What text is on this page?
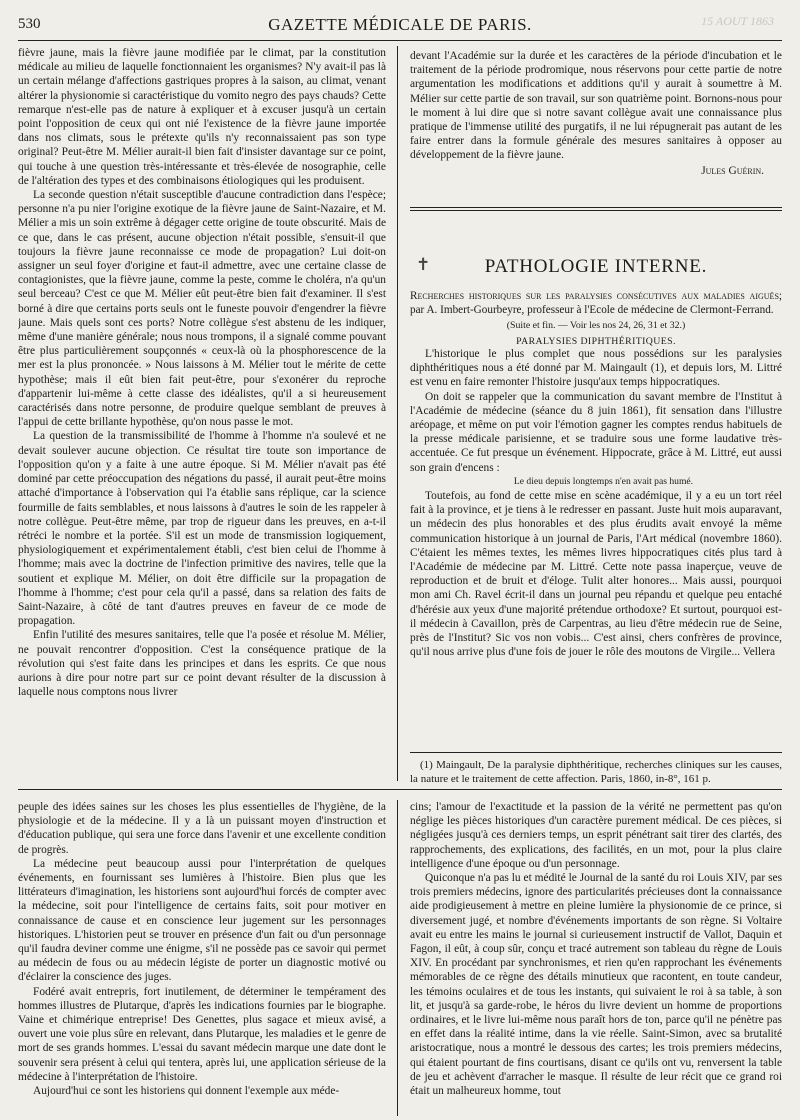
530	GAZETTE MÉDICALE DE PARIS.	15 AOUT 1863

fièvre jaune, mais la fièvre jaune modifiée par le climat, par la constitution médicale au milieu de laquelle fonctionnaient les organismes? N'y avait-il pas là un certain mélange d'affections gastriques propres à la saison, au climat, venant altérer la physionomie si caractéristique du vomito negro des pays chauds? Cette remarque n'est-elle pas de nature à expliquer et à excuser jusqu'à un certain point l'opposition de ceux qui ont nié l'existence de la fièvre jaune importée dans nos climats, sous le prétexte qu'ils n'y reconnaissaient pas son type original? Peut-être M. Mélier aurait-il bien fait d'insister davantage sur ce point, qui touche à une question très-intéressante et très-élevée de nosographie, celle de l'altération des types et des combinaisons étiologiques qui les produisent.

La seconde question n'était susceptible d'aucune contradiction dans l'espèce; personne n'a pu nier l'origine exotique de la fièvre jaune de Saint-Nazaire, et M. Mélier a mis un soin extrême à dégager cette origine de toute obscurité. Mais de ce que, dans le cas présent, aucune objection n'était possible, s'ensuit-il que toujours la fièvre jaune reconnaisse ce mode de propagation? Lui doit-on assigner un seul foyer d'origine et faut-il admettre, avec une certaine classe de contagionistes, que la fièvre jaune, comme la peste, comme le choléra, n'a qu'un seul berceau? C'est ce que M. Mélier eût peut-être bien fait d'examiner. Il s'est borné à dire que certains ports seuls ont le funeste pouvoir d'engendrer la fièvre jaune. Mais quels sont ces ports? Notre collègue s'est abstenu de les indiquer, même d'une manière générale; nous nous trompons, il a signalé comme pouvant être plus particulièrement soupçonnés « ceux-là où la phosphorescence de la mer est la plus prononcée. » Nous laissons à M. Mélier tout le mérite de cette hypothèse; mais il eût bien fait peut-être, pour s'exonérer du reproche d'appartenir lui-même à cette classe des idéalistes, qu'il a si heureusement caractérisés dans notre personne, de produire quelque semblant de preuves à l'appui de cette brillante hypothèse, qu'on nous passe le mot.

La question de la transmissibilité de l'homme à l'homme n'a soulevé et ne devait soulever aucune objection. Ce résultat tire toute son importance de l'opposition qu'on y a faite à une autre époque. Si M. Mélier n'avait pas été dominé par cette préoccupation des négations du passé, il aurait peut-être moins attaché d'importance à l'observation qui l'a établie sans réplique, car la science fourmille de faits semblables, et nous laissons à d'autres le soin de les rappeler à notre collègue. Peut-être même, par trop de rigueur dans les preuves, en a-t-il rétréci le nombre et la portée. S'il est un mode de transmission logiquement, physiologiquement et expérimentalement établi, c'est bien celui de l'homme à l'homme; mais avec la doctrine de l'infection primitive des navires, telle que la soutient et explique M. Mélier, on doit être difficile sur la propagation de l'homme à l'homme; c'est pour cela qu'il a passé, dans sa relation des faits de Saint-Nazaire, à côté de tant d'autres preuves en faveur de ce mode de propagation.

Enfin l'utilité des mesures sanitaires, telle que l'a posée et résolue M. Mélier, ne pouvait rencontrer d'opposition. C'est la conséquence pratique de la révolution qui s'est faite dans les principes et dans les esprits. Ce que nous aurions à dire pour notre part sur ce point devant résulter de la discussion à laquelle nous comptons nous livrer

devant l'Académie sur la durée et les caractères de la période d'incubation et le traitement de la période prodromique, nous réservons pour cette partie de notre argumentation les modifications et additions qu'il y aurait à soumettre à M. Mélier sur cette partie de son travail, sur son quatrième point. Bornons-nous pour le moment à lui dire que si notre savant collègue avait une connaissance plus pratique de l'immense utilité des purgatifs, il ne lui répugnerait pas autant de les faire entrer dans la formule générale des mesures sanitaires à opposer au développement de la fièvre jaune.

Jules Guérin.
✝	PATHOLOGIE INTERNE.
Recherches historiques sur les paralysies consécutives aux maladies aiguës; par A. Imbert-Gourbeyre, professeur à l'Ecole de médecine de Clermont-Ferrand.
(Suite et fin. — Voir les nos 24, 26, 31 et 32.)
PARALYSIES DIPHTHÉRITIQUES.

L'historique le plus complet que nous possédions sur les paralysies diphthéritiques nous a été donné par M. Maingault (1), et depuis lors, M. Littré est venu en faire remonter l'histoire jusqu'aux temps hippocratiques.

On doit se rappeler que la communication du savant membre de l'Institut à l'Académie de médecine (séance du 8 juin 1861), fit sensation dans l'illustre aréopage, et même on put voir l'émotion gagner les comptes rendus habituels de la presse médicale parisienne, et se traduire sous une forme laudative très-accentuée. Ce fut presque un événement. Hippocrate, grâce à M. Littré, eut aussi son grain d'encens :

Le dieu depuis longtemps n'en avait pas humé.

Toutefois, au fond de cette mise en scène académique, il y a eu un tort réel fait à la province, et je tiens à le redresser en passant. Juste huit mois auparavant, un médecin des plus honorables et des plus érudits avait envoyé la même communication historique à un journal de Paris, l'Art médical (novembre 1860). C'étaient les mêmes textes, les mêmes livres hippocratiques cités plus tard à l'Académie de médecine par M. Littré. Cette note passa inaperçue, veuve de reproduction et de bruit et d'éloge. Tulit alter honores... Mais aussi, pourquoi mon ami Ch. Ravel écrit-il dans un journal peu répandu et quelque peu entaché d'hérésie aux yeux d'une majorité prétendue orthodoxe? Et surtout, pourquoi est-il médecin à Cavaillon, près de Carpentras, au lieu d'être médecin rue de Seine, près de l'Institut? Sic vos non vobis... C'est ainsi, chers confrères de province, qu'il nous arrive plus d'une fois de jouer le rôle des moutons de Virgile... Vellera

(1) Maingault, De la paralysie diphthéritique, recherches cliniques sur les causes, la nature et le traitement de cette affection. Paris, 1860, in-8°, 161 p.

peuple des idées saines sur les choses les plus essentielles de l'hygiène, de la physiologie et de la médecine. Il y a là un puissant moyen d'instruction et d'éducation publique, qui sera une force dans l'avenir et une excellente condition de progrès.

La médecine peut beaucoup aussi pour l'interprétation de quelques événements, en fournissant ses lumières à l'histoire. Bien plus que les littérateurs d'imagination, les historiens sont aujourd'hui forcés de compter avec la médecine, soit pour l'intelligence de certains faits, soit pour motiver en connaissance de cause et en conscience leur jugement sur les personnages historiques. L'historien peut se trouver en présence d'un fait ou d'un personnage qu'il faudra deviner comme une énigme, s'il ne possède pas ce savoir qui permet au médecin de fous ou au médecin légiste de porter un diagnostic motivé ou d'éclairer la conscience des juges.

Fodéré avait entrepris, fort inutilement, de déterminer le tempérament des hommes illustres de Plutarque, d'après les indications fournies par le biographe. Vaine et chimérique entreprise! Des Genettes, plus sagace et mieux avisé, a ouvert une voie plus sûre en relevant, dans Plutarque, les maladies et le genre de mort de ses grands hommes. L'essai du savant médecin marque une date dont le souvenir sera présent à celui qui tentera, après lui, une application sérieuse de la médecine à l'interprétation de l'histoire.

Aujourd'hui ce sont les historiens qui donnent l'exemple aux méde-

cins; l'amour de l'exactitude et la passion de la vérité ne permettent pas qu'on néglige les pièces historiques d'un caractère purement médical. De ces pièces, si négligées jusqu'à ces derniers temps, un esprit pénétrant sait tirer des clartés, des rapprochements, des explications, des facilités, en un mot, pour la plus claire intelligence d'une époque ou d'un personnage.

Quiconque n'a pas lu et médité le Journal de la santé du roi Louis XIV, par ses trois premiers médecins, ignore des particularités précieuses dont la connaissance aide prodigieusement à mettre en pleine lumière la physionomie de ce prince, si diversement jugé, et nombre d'événements importants de son règne. Si Voltaire avait eu entre les mains le journal si curieusement instructif de Vallot, Daquin et Fagon, il eût, à coup sûr, conçu et tracé autrement son tableau du règne de Louis XIV. En procédant par synchronismes, et rien qu'en rapprochant les événements mémorables de ce règne des détails minutieux que racontent, en toute candeur, les témoins oculaires et de tous les instants, qui suivaient le roi à sa table, à son lit, et jusqu'à sa garde-robe, le héros du livre devient un homme de proportions ordinaires, et le livre lui-même nous paraît hors de ton, parce qu'il ne pénètre pas en effet dans la réalité intime, dans la vie réelle. Saint-Simon, avec sa brutalité aristocratique, nous a montré le dessous des cartes; les trois premiers médecins, qui étaient pourtant de fins courtisans, disant ce qu'ils ont vu, renversent la table de jeu et achèvent d'arracher le masque. Il résulte de leur récit que ce grand roi était un malheureux homme, tout
